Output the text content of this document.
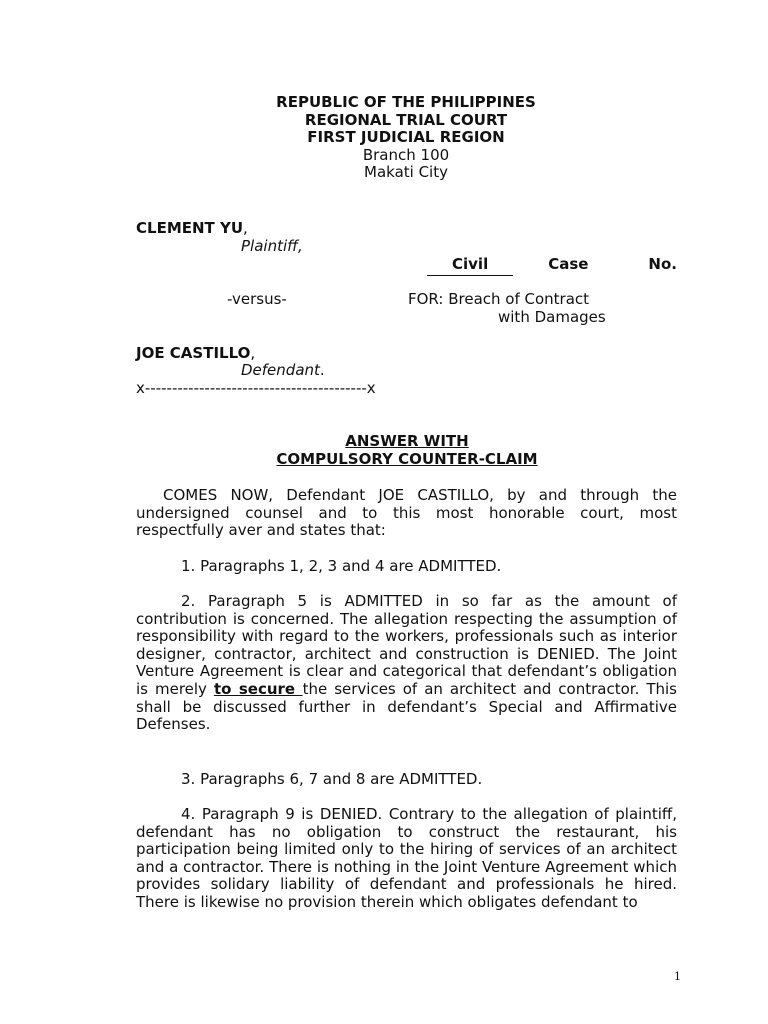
REPUBLIC OF THE PHILIPPINES
REGIONAL TRIAL COURT
FIRST JUDICIAL REGION
Branch 100
Makati City
CLEMENT YU,
Plaintiff,
Civil	Case	No.
-versus-	FOR: Breach of Contract
with Damages
JOE CASTILLO,
Defendant.
x-----------------------------------------x
ANSWER WITH
COMPULSORY COUNTER-CLAIM
COMES NOW, Defendant JOE CASTILLO, by and through the undersigned counsel and to this most honorable court, most respectfully aver and states that:
1. Paragraphs 1, 2, 3 and 4 are ADMITTED.
2. Paragraph 5 is ADMITTED in so far as the amount of contribution is concerned. The allegation respecting the assumption of responsibility with regard to the workers, professionals such as interior designer, contractor, architect and construction is DENIED. The Joint Venture Agreement is clear and categorical that defendant’s obligation is merely to secure the services of an architect and contractor. This shall be discussed further in defendant’s Special and Affirmative Defenses.
3. Paragraphs 6, 7 and 8 are ADMITTED.
4. Paragraph 9 is DENIED. Contrary to the allegation of plaintiff, defendant has no obligation to construct the restaurant, his participation being limited only to the hiring of services of an architect and a contractor. There is nothing in the Joint Venture Agreement which provides solidary liability of defendant and professionals he hired. There is likewise no provision therein which obligates defendant to
1
